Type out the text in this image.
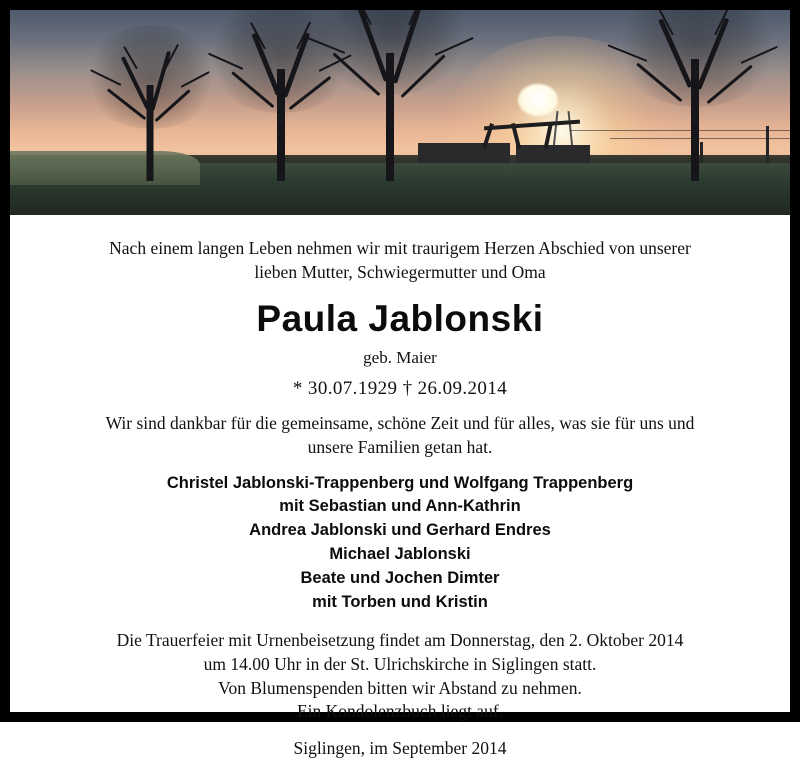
Nach einem langen Leben nehmen wir mit traurigem Herzen Abschied von unserer
lieben Mutter, Schwiegermutter und Oma

Paula Jablonski
geb. Maier
* 30.07.1929 † 26.09.2014

Wir sind dankbar für die gemeinsame, schöne Zeit und für alles, was sie für uns und
unsere Familien getan hat.

Christel Jablonski-Trappenberg und Wolfgang Trappenberg
mit Sebastian und Ann-Kathrin
Andrea Jablonski und Gerhard Endres
Michael Jablonski
Beate und Jochen Dimter
mit Torben und Kristin
Die Trauerfeier mit Urnenbeisetzung findet am Donnerstag, den 2. Oktober 2014
um 14.00 Uhr in der St. Ulrichskirche in Siglingen statt.
Von Blumenspenden bitten wir Abstand zu nehmen.
Ein Kondolenzbuch liegt auf.
Siglingen, im September 2014
